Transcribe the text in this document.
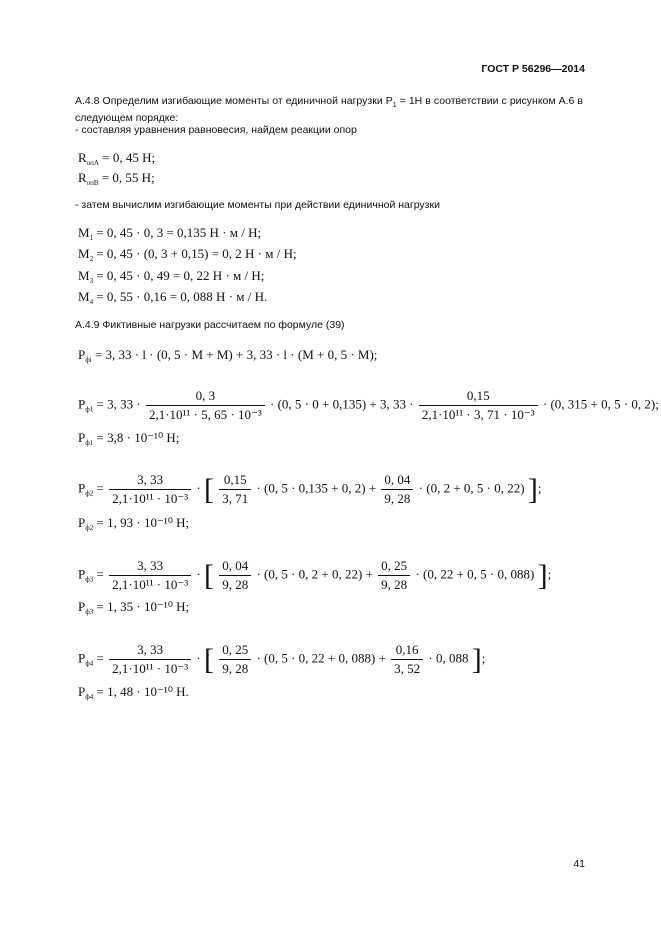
ГОСТ Р 56296—2014
А.4.8 Определим изгибающие моменты от единичной нагрузки $Р_1 = 1Н$ в соответствии с рисунком А.6 в следующем порядке:
- составляя уравнения равновесия, найдем реакции опор
$R_{опА} = 0$, 45 Н;
$R_{опВ} = 0$, 55 Н;
- затем вычислим изгибающие моменты при действии единичной нагрузки
$M_1 = 0$, 45 · 0, 3 = 0,135 Н · м / Н;
$M_2 = 0$, 45 · (0, 3 + 0,15) = 0, 2 Н · м / Н;
$M_3 = 0$, 45 · 0, 49 = 0, 22 Н · м / Н;
$M_4 = 0$, 55 · 0,16 = 0, 088 Н · м / Н.
А.4.9 Фиктивные нагрузки рассчитаем по формуле (39)
$P_{фi} = 3$, 33 · l · (0, 5 · M + M) + 3, 33 · l · (M + 0, 5 · M);
$P_{ф1} = 3$, $33 \cdot \frac{0, 3}{\text{2,1·10¹¹ · 5, 65 · 10⁻³}} \cdot (0$, 5 · 0 + 0,135) + 3, $33 \cdot \frac{0,15}{\text{2,1·10¹¹ · 3, 71 · 10⁻³}} \cdot (0$, 315 + 0, 5 · 0, 2);
$P_{ф1} = 3,8 \cdot 10^{-10}$ Н;
$P_{ф2} = \frac{3, 33}{\text{2,1·10¹¹ · 10⁻³}}$ · [ $\frac{0,15}{3, 71} \cdot (0$, 5 · 0,135 + 0, $2) + \frac{0, 04}{9, 28} \cdot (0$, 2 + 0, 5 · 0, 22) ];
$P_{ф2} = 1$, 93 · 10⁻¹⁰ Н;
$P_{ф3} = \frac{3, 33}{\text{2,1·10¹¹ · 10⁻³}}$ · [ $\frac{0, 04}{9, 28} \cdot (0$, 5 · 0, 2 + 0, $22) + \frac{0, 25}{9, 28} \cdot (0$, 22 + 0, 5 · 0, 088) ];
$P_{ф3} = 1$, 35 · 10⁻¹⁰ Н;
$P_{ф4} = \frac{3, 33}{\text{2,1·10¹¹ · 10⁻³}}$ · [ $\frac{0, 25}{9, 28} \cdot (0$, 5 · 0, 22 + 0, $088) + \frac{0,16}{3, 52} \cdot 0$, 088 ];
$P_{ф4} = 1$, 48 · 10⁻¹⁰ Н.
41
